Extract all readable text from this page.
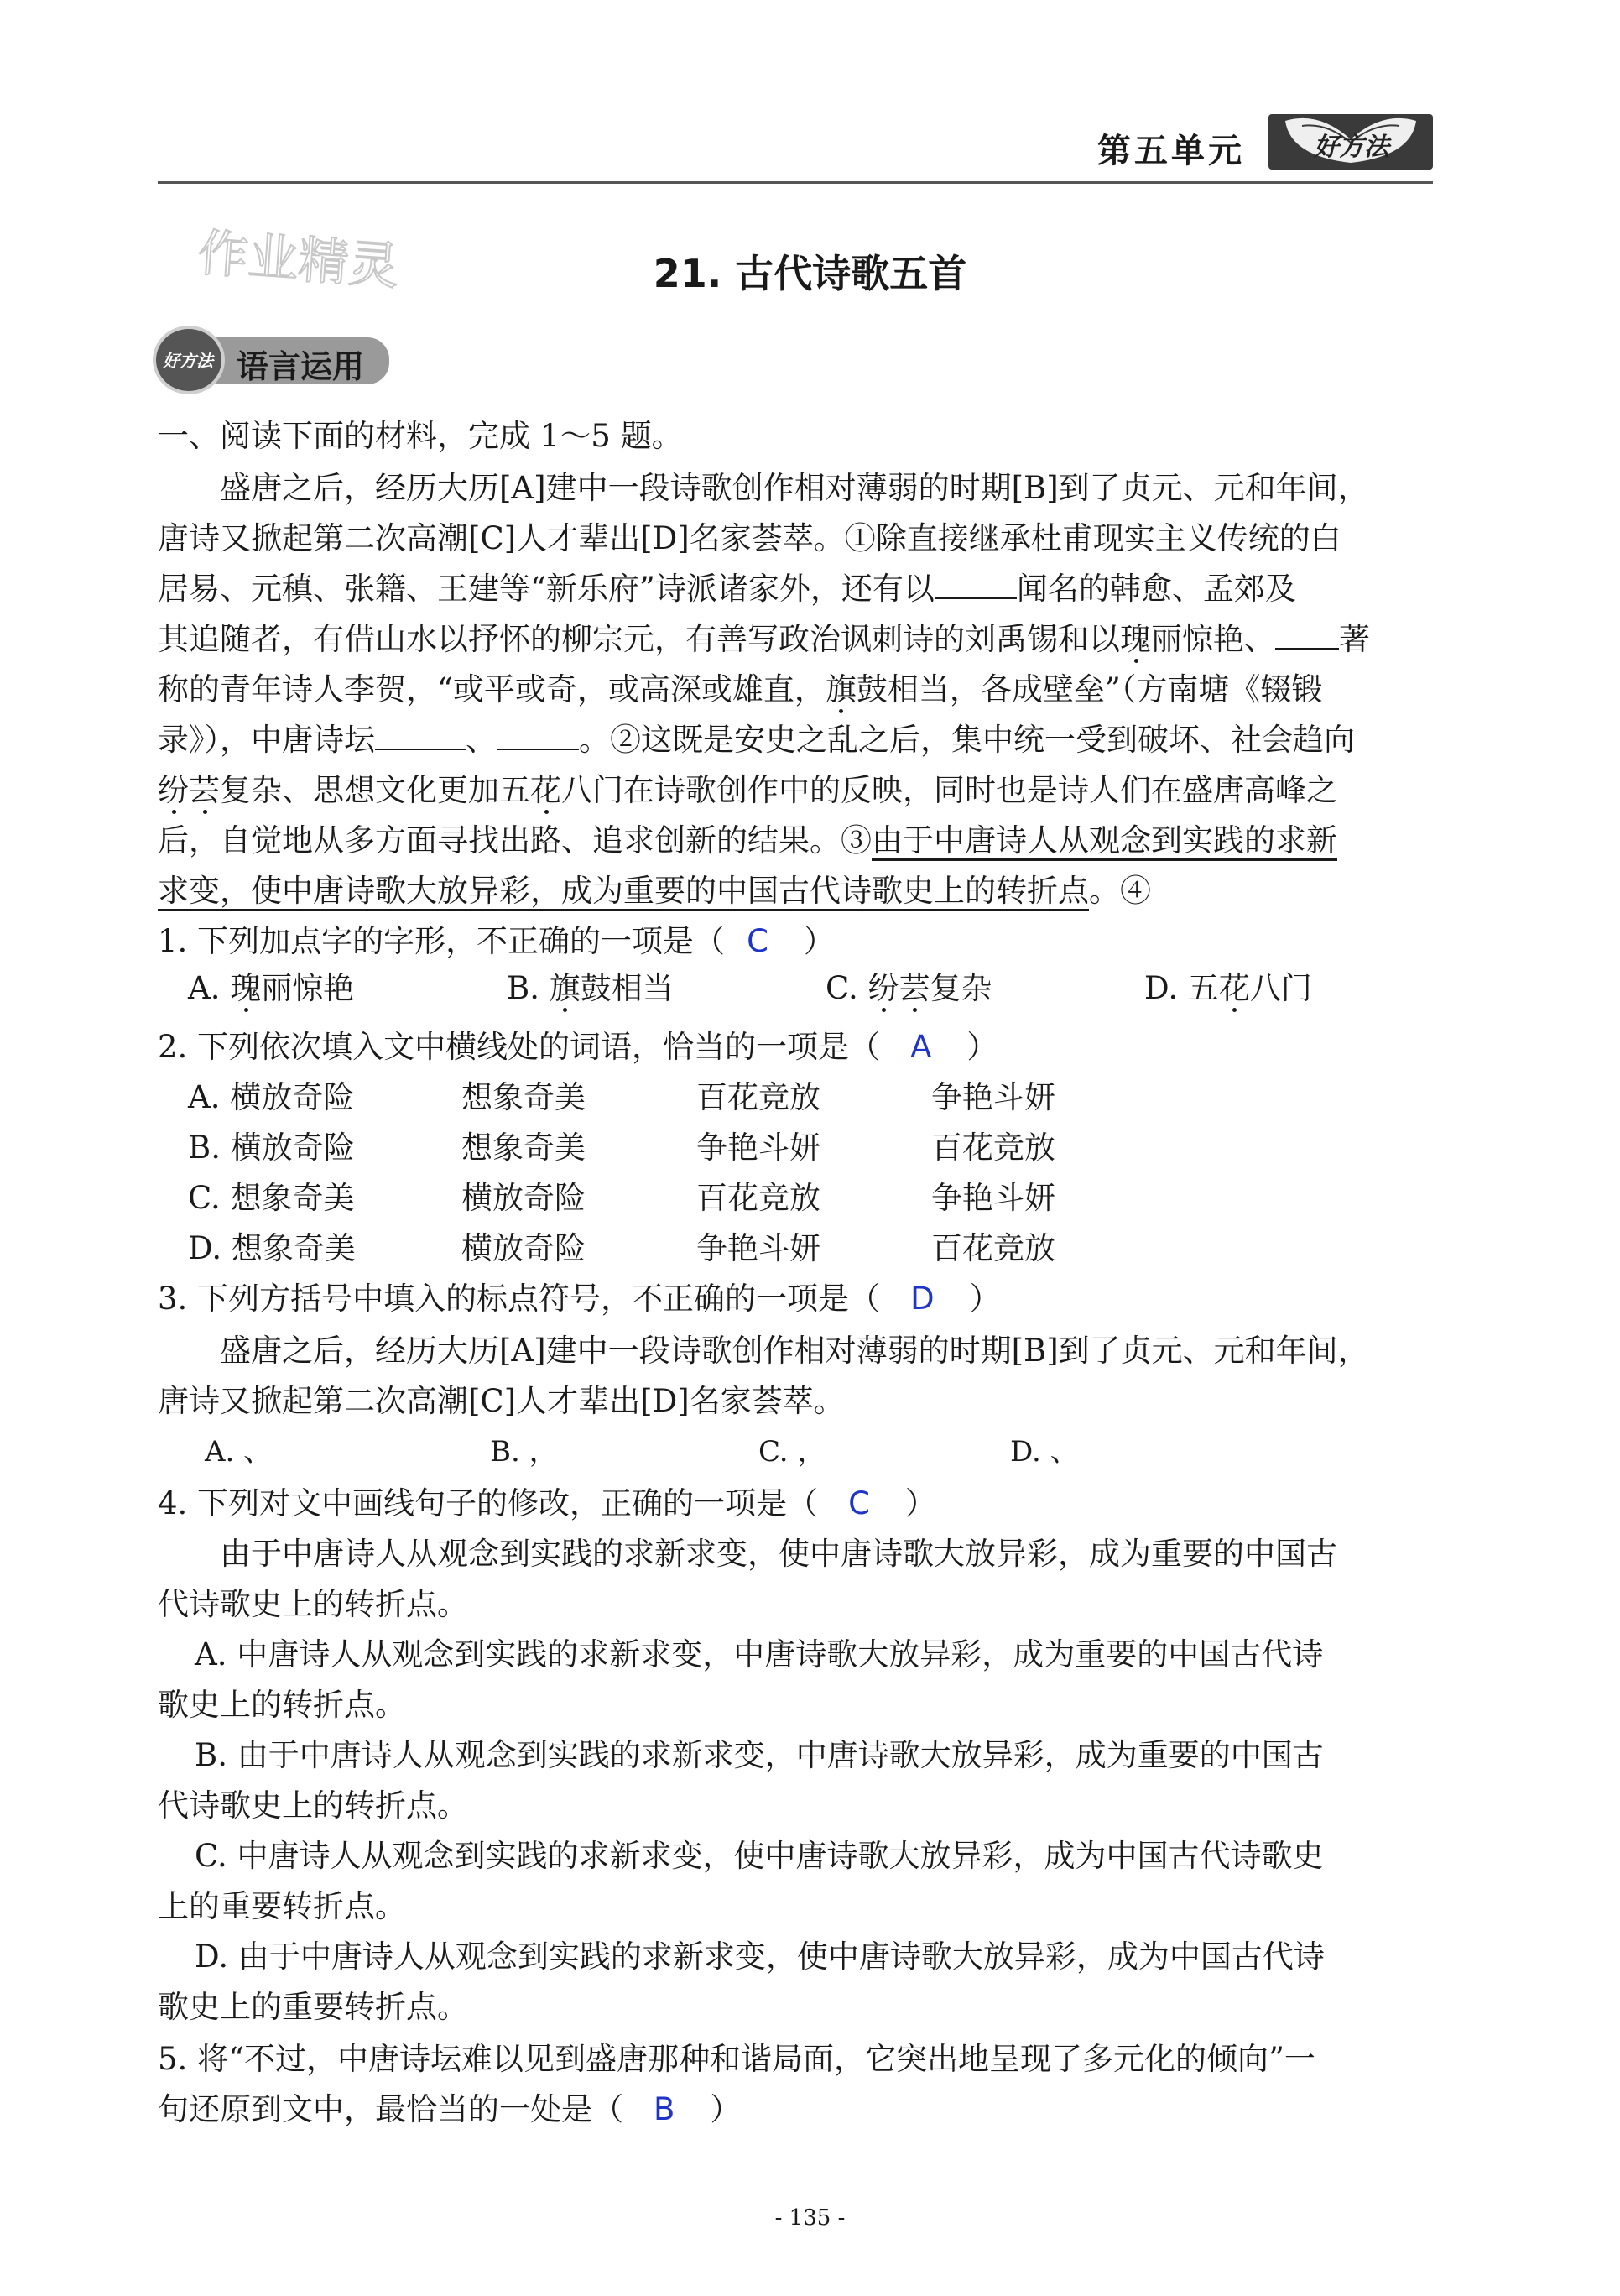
第五单元	好方法
作业精灵	21. 古代诗歌五首
好方法 语言运用
一、阅读下面的材料，完成 1～5 题。
盛唐之后，经历大历[A]建中一段诗歌创作相对薄弱的时期[B]到了贞元、元和年间，
唐诗又掀起第二次高潮[C]人才辈出[D]名家荟萃。①除直接继承杜甫现实主义传统的白
居易、元稹、张籍、王建等“新乐府”诗派诸家外，还有以	闻名的韩愈、孟郊及
其追随者，有借山水以抒怀的柳宗元，有善写政治讽刺诗的刘禹锡和以瑰丽惊艳、 著
称的青年诗人李贺，“或平或奇，或高深或雄直，旗鼓相当，各成壁垒”（方南塘《辍锻
录》），中唐诗坛	、	。②这既是安史之乱之后，集中统一受到破坏、社会趋向
纷芸复杂、思想文化更加五花八门在诗歌创作中的反映，同时也是诗人们在盛唐高峰之
后，自觉地从多方面寻找出路、追求创新的结果。③由于中唐诗人从观念到实践的求新
求变，使中唐诗歌大放异彩，成为重要的中国古代诗歌史上的转折点。④
1. 下列加点字的字形，不正确的一项是（ C ）
A. 瑰丽惊艳	B. 旗鼓相当	C. 纷芸复杂	D. 五花八门
2. 下列依次填入文中横线处的词语，恰当的一项是（ A ）
A. 横放奇险	想象奇美	百花竞放	争艳斗妍
B. 横放奇险	想象奇美	争艳斗妍	百花竞放
C. 想象奇美	横放奇险	百花竞放	争艳斗妍
D. 想象奇美	横放奇险	争艳斗妍	百花竞放
3. 下列方括号中填入的标点符号，不正确的一项是（ D ）
盛唐之后，经历大历[A]建中一段诗歌创作相对薄弱的时期[B]到了贞元、元和年间，
唐诗又掀起第二次高潮[C]人才辈出[D]名家荟萃。
A. 、	B. ，	C. ，	D. 、
4. 下列对文中画线句子的修改，正确的一项是（ C ）
由于中唐诗人从观念到实践的求新求变，使中唐诗歌大放异彩，成为重要的中国古
代诗歌史上的转折点。
A. 中唐诗人从观念到实践的求新求变，中唐诗歌大放异彩，成为重要的中国古代诗
歌史上的转折点。
B. 由于中唐诗人从观念到实践的求新求变，中唐诗歌大放异彩，成为重要的中国古
代诗歌史上的转折点。
C. 中唐诗人从观念到实践的求新求变，使中唐诗歌大放异彩，成为中国古代诗歌史
上的重要转折点。
D. 由于中唐诗人从观念到实践的求新求变，使中唐诗歌大放异彩，成为中国古代诗
歌史上的重要转折点。
5. 将“不过，中唐诗坛难以见到盛唐那种和谐局面，它突出地呈现了多元化的倾向”一
句还原到文中，最恰当的一处是（ B ）
- 135 -
